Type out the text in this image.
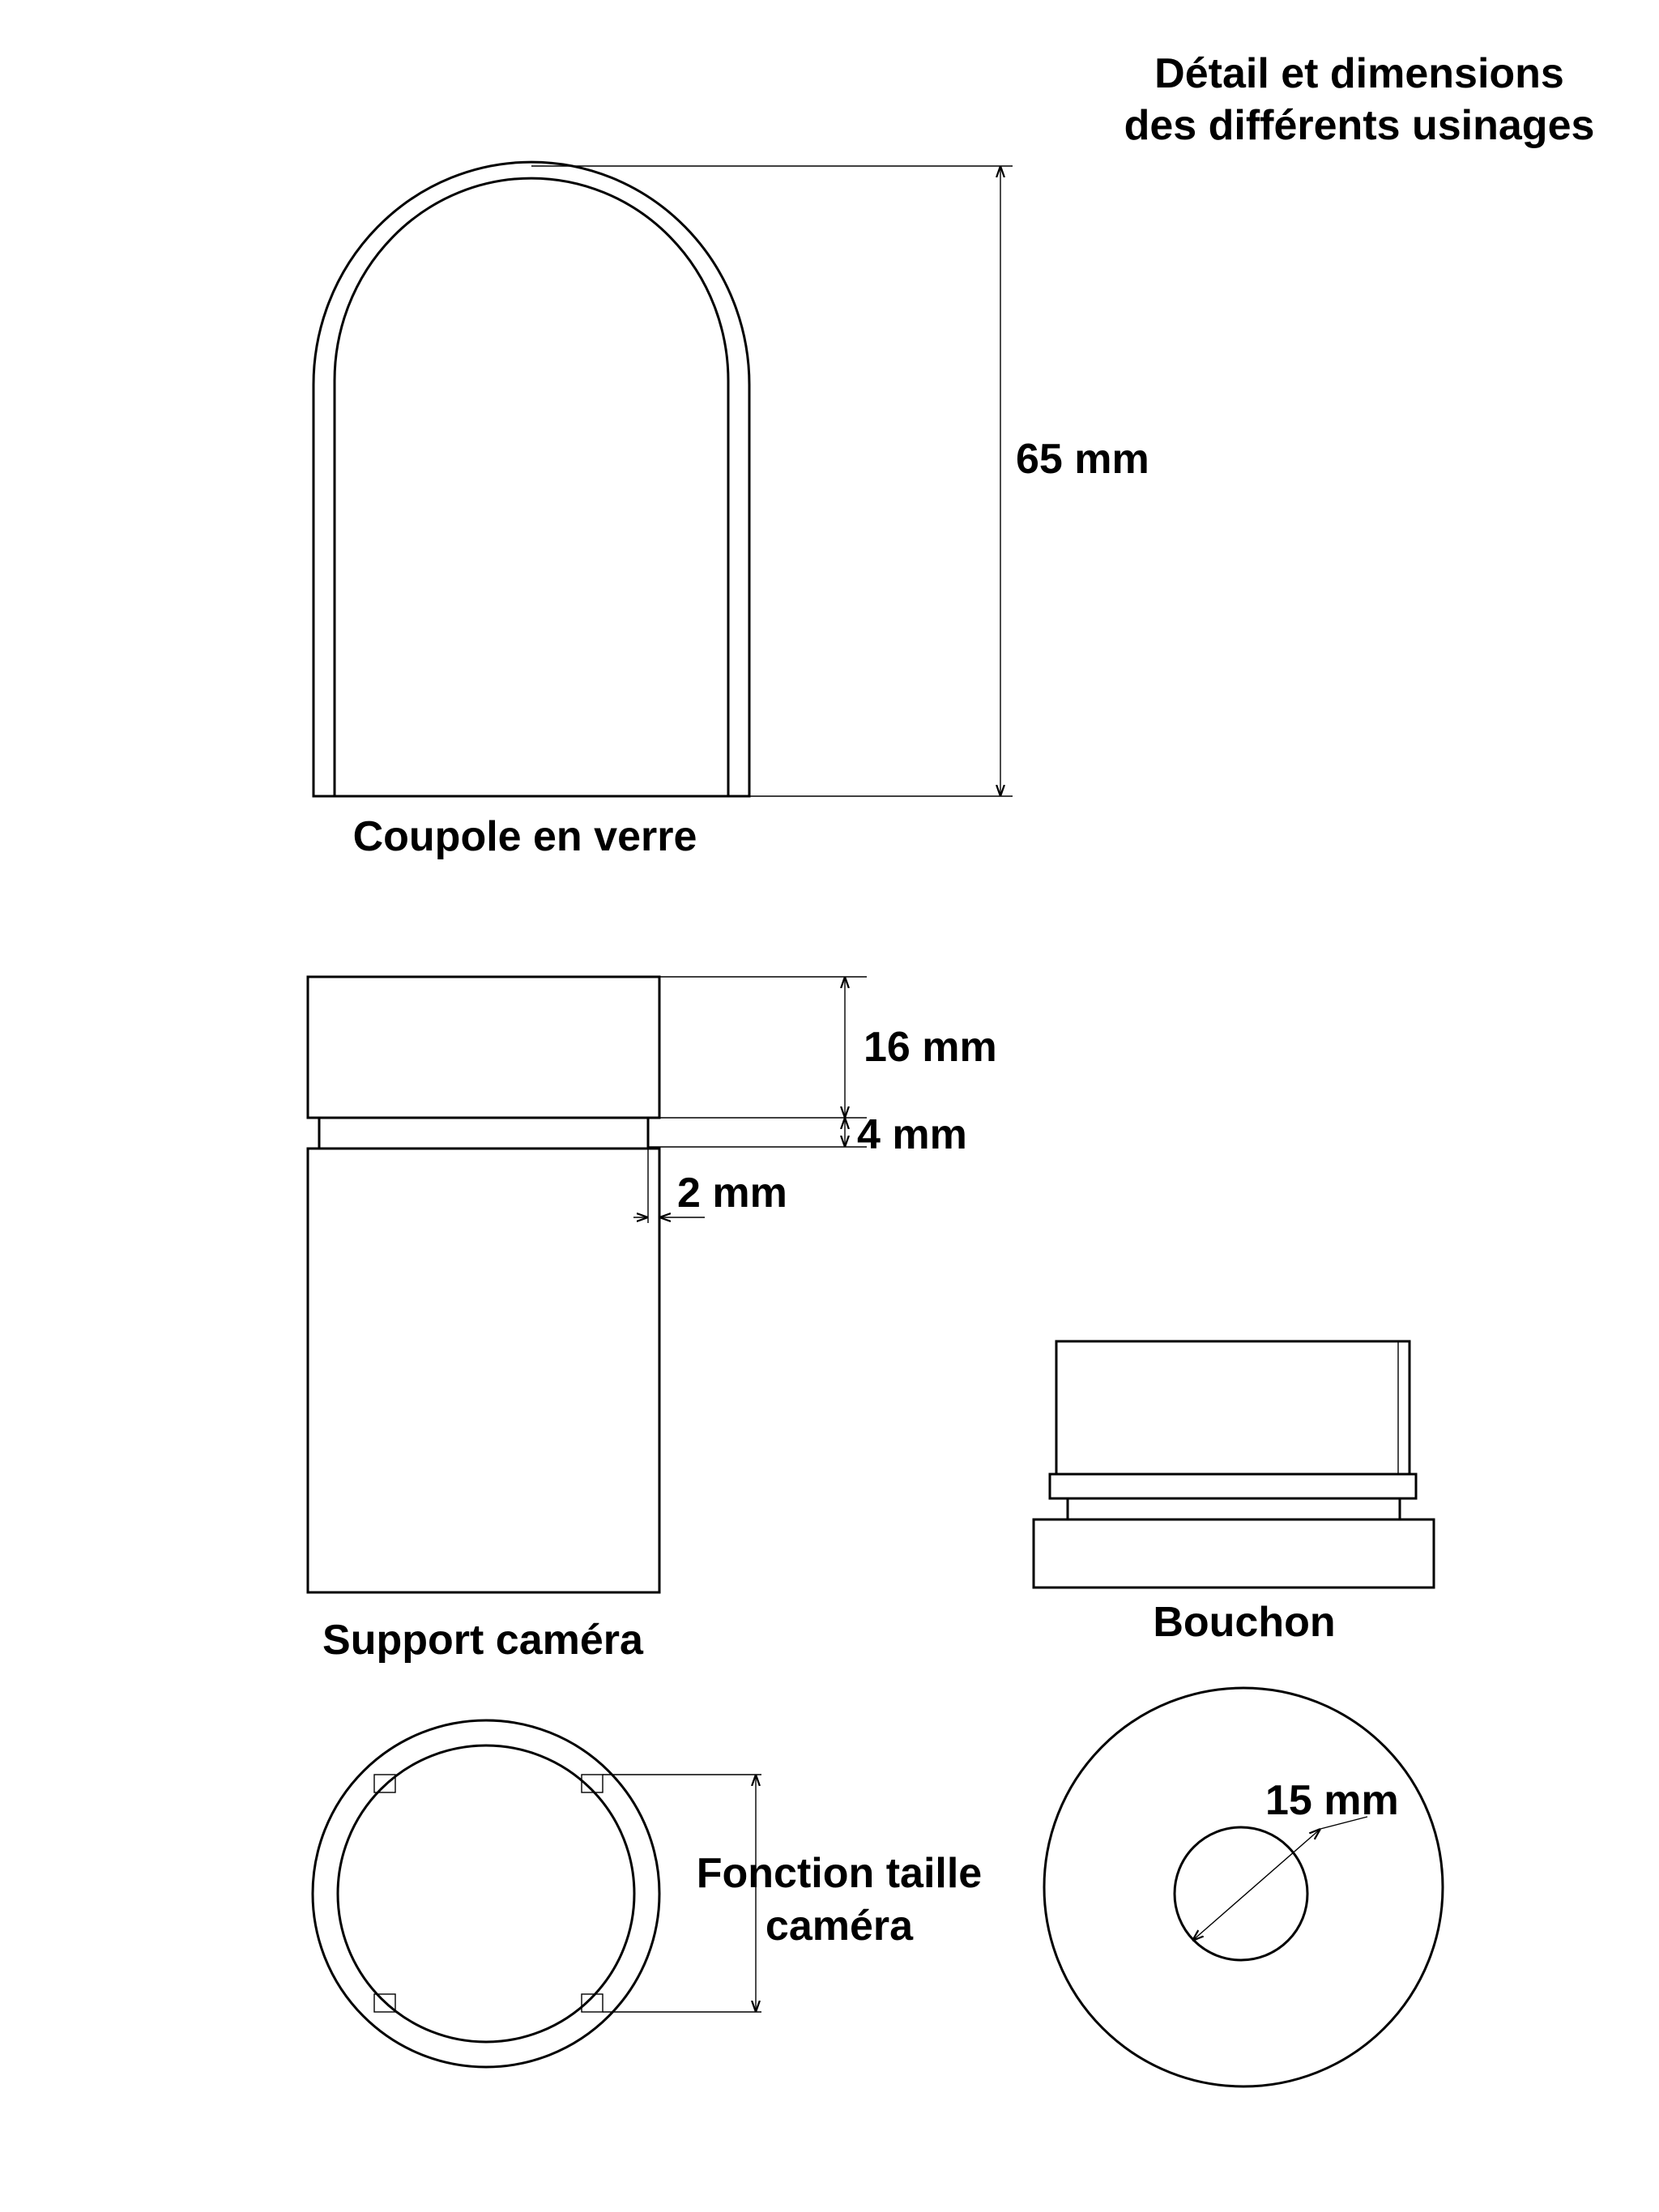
Détail et dimensions
des différents usinages
65 mm
Coupole en verre
16 mm
4 mm
2 mm
Support caméra	Bouchon
Fonction taille
caméra
15 mm
